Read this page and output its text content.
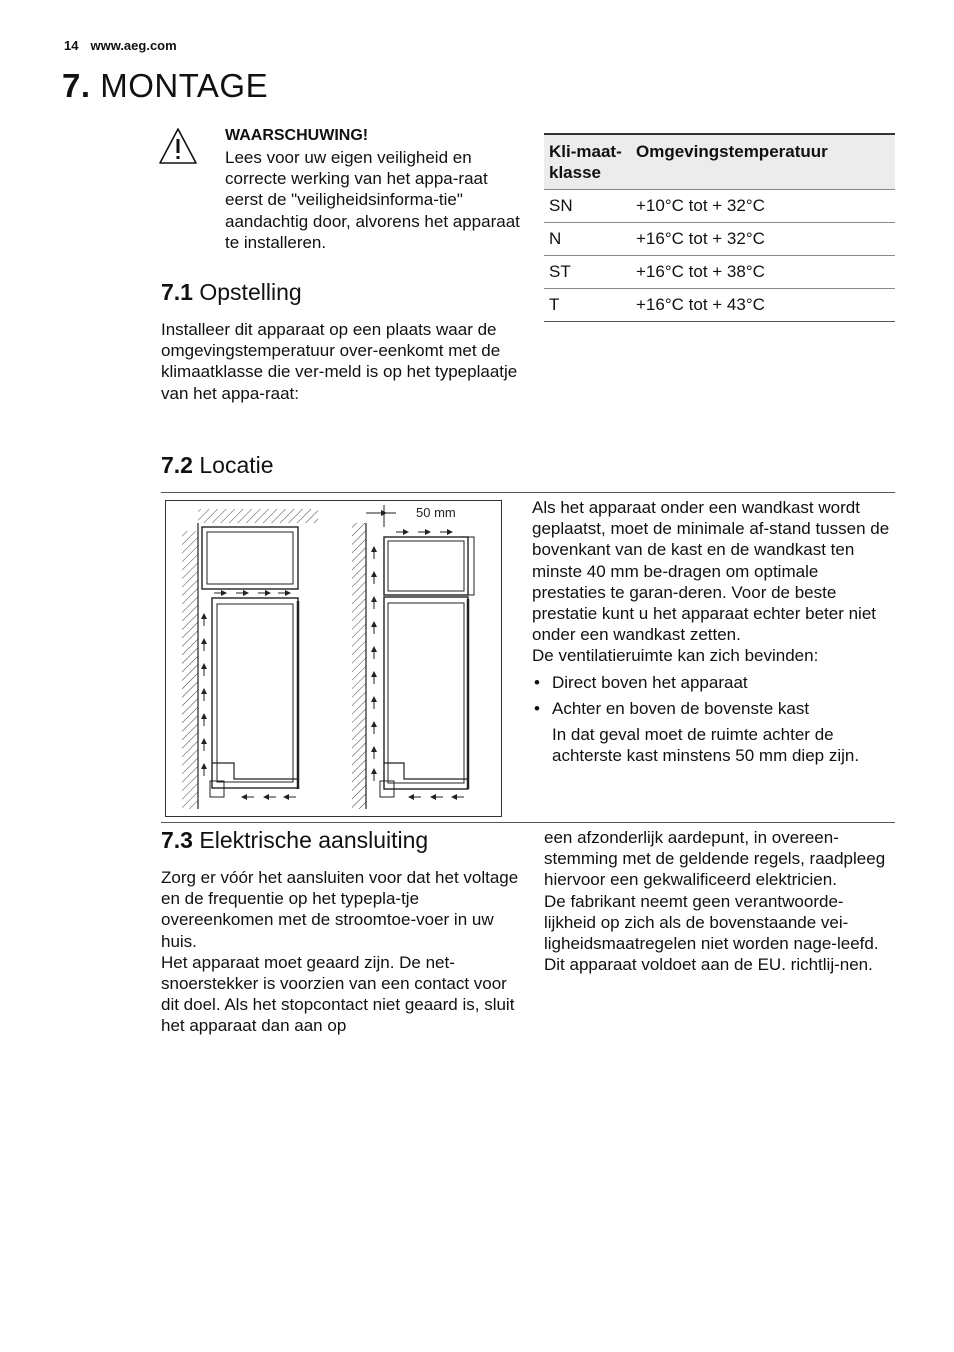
14 www.aeg.com
7. MONTAGE
WAARSCHUWING!
Lees voor uw eigen veiligheid en correcte werking van het appa-raat eerst de "veiligheidsinforma-tie" aandachtig door, alvorens het apparaat te installeren.
7.1 Opstelling
Installeer dit apparaat op een plaats waar de omgevingstemperatuur over-eenkomt met de klimaatklasse die ver-meld is op het typeplaatje van het appa-raat:
Kli-maat-klasse	Omgevingstemperatuur
SN	+10°C tot + 32°C
N	+16°C tot + 32°C
ST	+16°C tot + 38°C
T	+16°C tot + 43°C
7.2 Locatie
50 mm	Als het apparaat onder een wandkast wordt geplaatst, moet de minimale af-stand tussen de bovenkant van de kast en de wandkast ten minste 40 mm be-dragen om optimale prestaties te garan-deren. Voor de beste prestatie kunt u het apparaat echter beter niet onder een wandkast zetten.

De ventilatieruimte kan zich bevinden:

• Direct boven het apparaat
• Achter en boven de bovenste kast
In dat geval moet de ruimte achter de achterste kast minstens 50 mm diep zijn.
7.3 Elektrische aansluiting

Zorg er vóór het aansluiten voor dat het voltage en de frequentie op het typepla-tje overeenkomen met de stroomtoe-voer in uw huis.

Het apparaat moet geaard zijn. De net-snoerstekker is voorzien van een contact voor dit doel. Als het stopcontact niet geaard is, sluit het apparaat dan aan op

een afzonderlijk aardepunt, in overeen-stemming met de geldende regels, raadpleeg hiervoor een gekwalificeerd elektricien.

De fabrikant neemt geen verantwoorde-lijkheid op zich als de bovenstaande vei-ligheidsmaatregelen niet worden nage-leefd.

Dit apparaat voldoet aan de EU. richtlij-nen.
